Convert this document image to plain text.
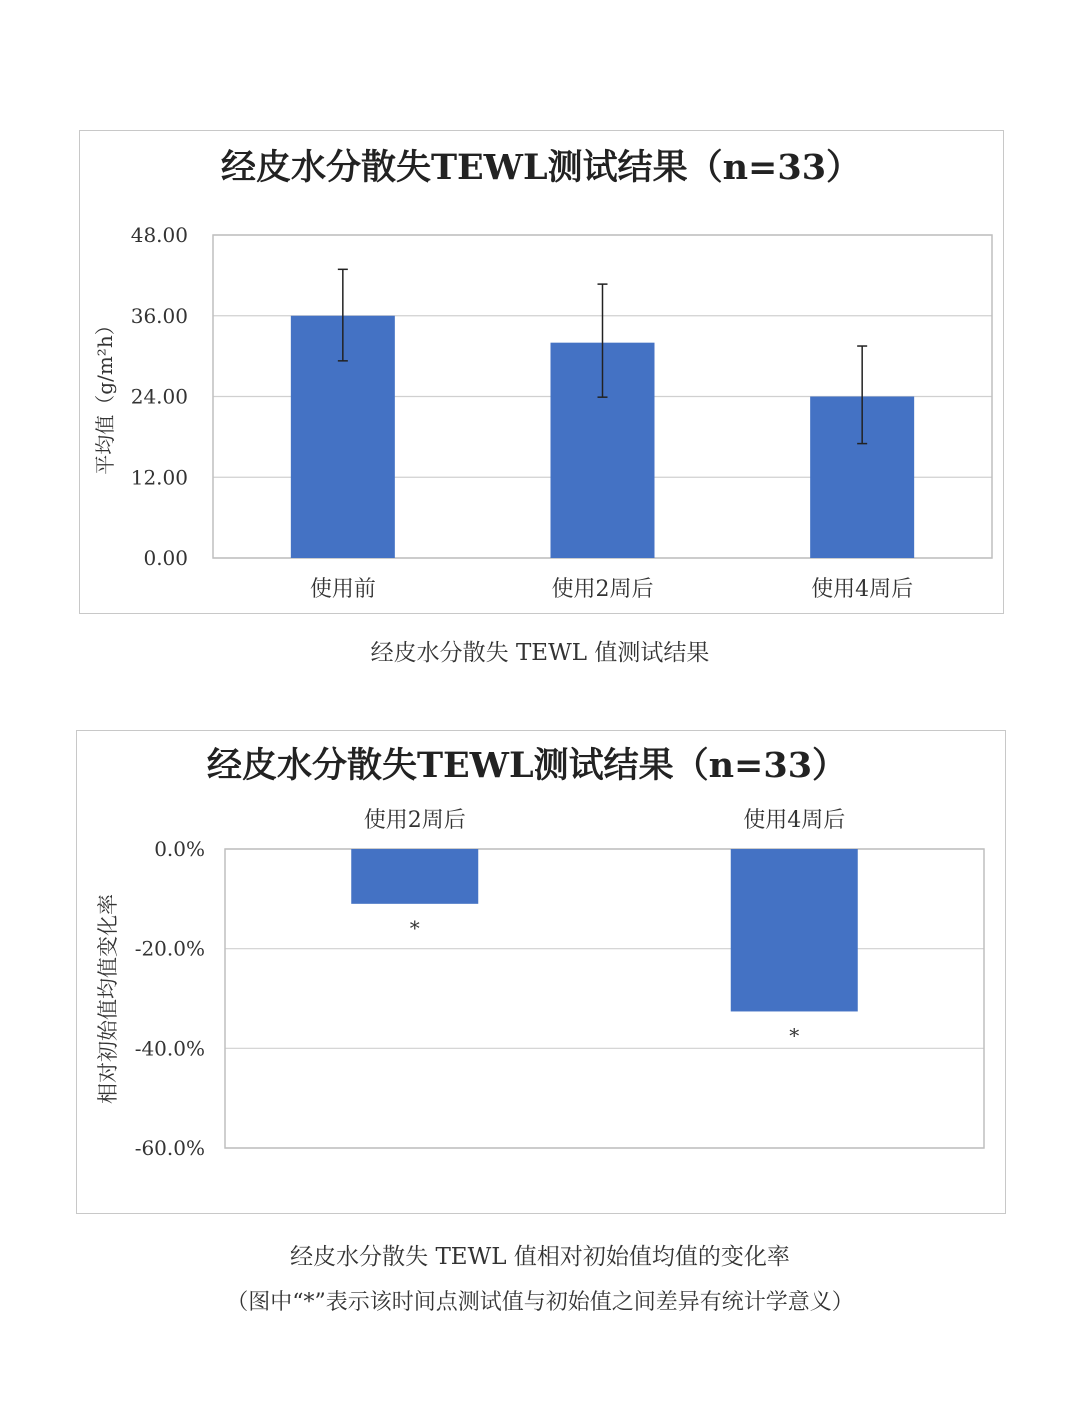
经皮水分散失TEWL测试结果（n=33）
平均值（g/m²h）
0.00
12.00
24.00
36.00
48.00
使用前	使用2周后	使用4周后
经皮水分散失 TEWL 值测试结果
经皮水分散失TEWL测试结果（n=33）
相对初始值均值变化率
0.0%
-20.0%
-40.0%
-60.0%
使用2周后
*
使用4周后
*
经皮水分散失 TEWL 值相对初始值均值的变化率
（图中“*”表示该时间点测试值与初始值之间差异有统计学意义）
